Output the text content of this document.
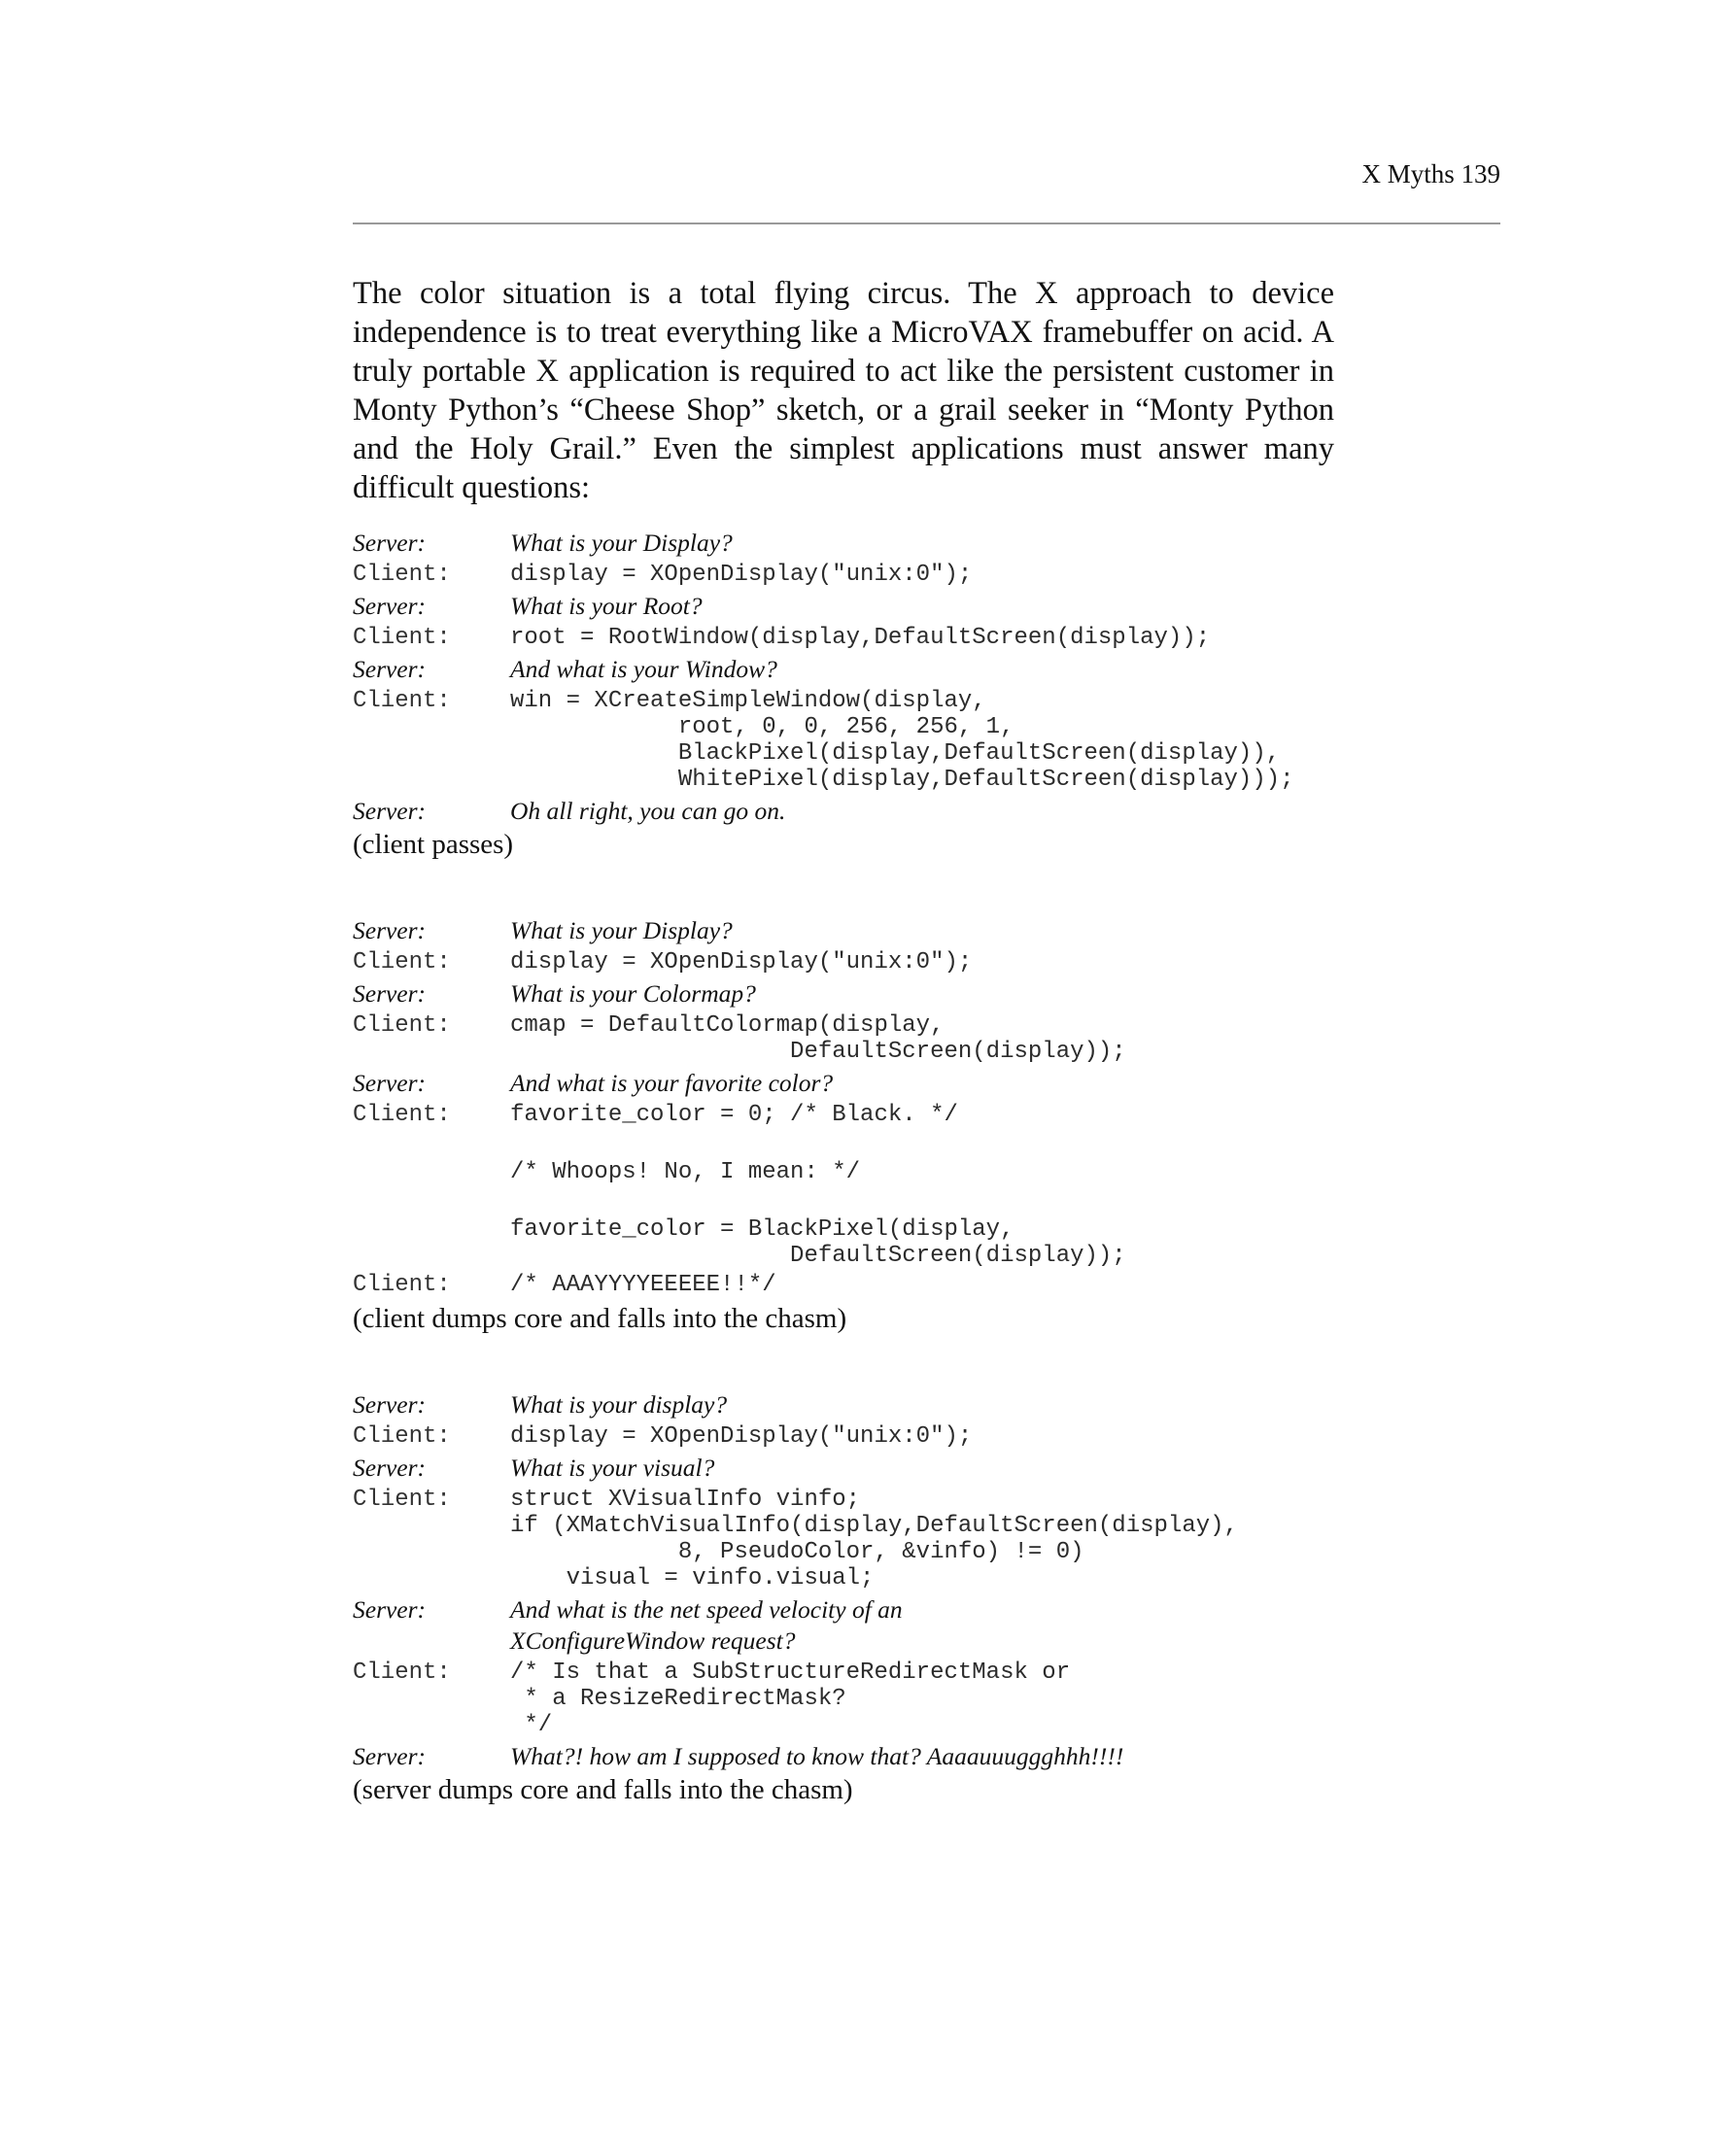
X Myths 139

The color situation is a total flying circus. The X approach to device independence is to treat everything like a MicroVAX framebuffer on acid. A truly portable X application is required to act like the persistent customer in Monty Python’s “Cheese Shop” sketch, or a grail seeker in “Monty Python and the Holy Grail.” Even the simplest applications must answer many difficult questions:

Server:	What is your Display?
Client:	display = XOpenDisplay("unix:0");
Server:	What is your Root?
Client:	root = RootWindow(display,DefaultScreen(display));
Server:	And what is your Window?
Client:	win = XCreateSimpleWindow(display,
root, 0, 0, 256, 256, 1,
BlackPixel(display,DefaultScreen(display)),
WhitePixel(display,DefaultScreen(display)));
Server:	Oh all right, you can go on.
(client passes)
Server:	What is your Display?
Client:	display = XOpenDisplay("unix:0");
Server:	What is your Colormap?
Client:	cmap = DefaultColormap(display,
DefaultScreen(display));
Server:	And what is your favorite color?
Client:	favorite_color = 0; /* Black. */
/* Whoops! No, I mean: */
favorite_color = BlackPixel(display,
DefaultScreen(display));
Client:	/* AAAYYYYEEEEE!!*/
(client dumps core and falls into the chasm)
Server:	What is your display?
Client:	display = XOpenDisplay("unix:0");
Server:	What is your visual?
Client:	struct XVisualInfo vinfo;
if (XMatchVisualInfo(display,DefaultScreen(display),
8, PseudoColor, &vinfo) != 0)
visual = vinfo.visual;
Server:	And what is the net speed velocity of an
XConfigureWindow request?
Client:	/* Is that a SubStructureRedirectMask or
* a ResizeRedirectMask?
*/
Server:	What?! how am I supposed to know that? Aaaauuuggghhh!!!!
(server dumps core and falls into the chasm)
